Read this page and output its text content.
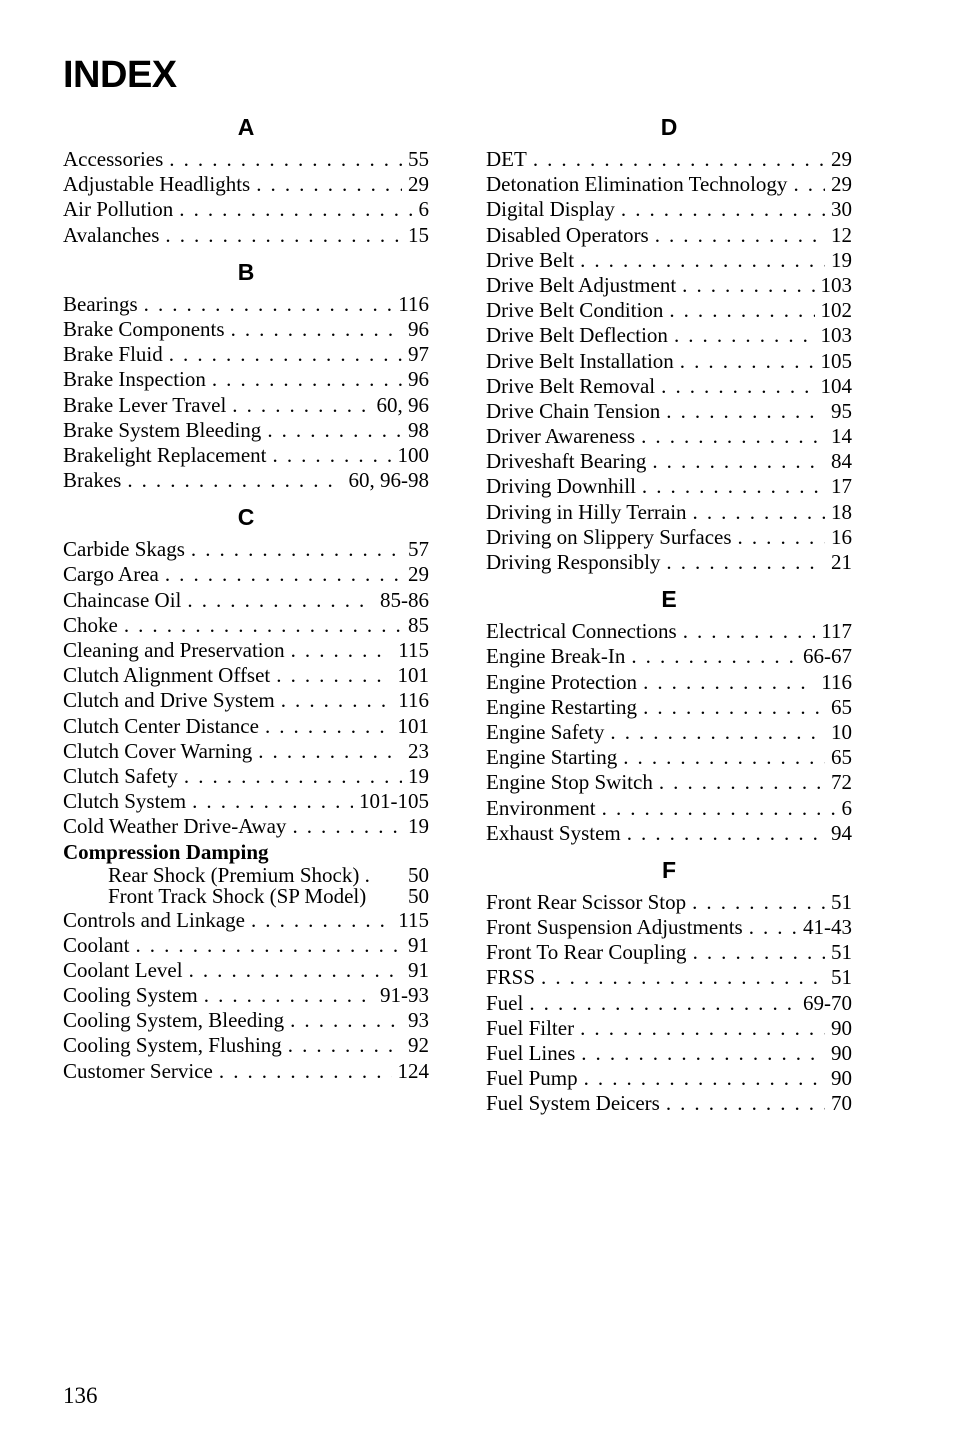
INDEX
A
Accessories . . .	55
Adjustable Headlights . . .	29
Air Pollution . . .	6
Avalanches . . .	15
B
Bearings . . .	116
Brake Components . . .	96
Brake Fluid . . .	97
Brake Inspection . . .	96
Brake Lever Travel . . .	60, 96
Brake System Bleeding . . .	98
Brakelight Replacement . . .	100
Brakes . . .	60, 96-98
C
Carbide Skags . . .	57
Cargo Area . . .	29
Chaincase Oil . . .	85-86
Choke . . .	85
Cleaning and Preservation . . .	115
Clutch Alignment Offset . . .	101
Clutch and Drive System . . .	116
Clutch Center Distance . . .	101
Clutch Cover Warning . . .	23
Clutch Safety . . .	19
Clutch System . . .	101-105
Cold Weather Drive-Away . . .	19
Compression Damping
Rear Shock (Premium Shock) .	50
Front Track Shock (SP Model)	50
Controls and Linkage . . .	115
Coolant . . .	91
Coolant Level . . .	91
Cooling System . . .	91-93
Cooling System, Bleeding . . .	93
Cooling System, Flushing . . .	92
Customer Service . . .	124
D
DET . . .	29
Detonation Elimination Technology . . . 29
Digital Display . . .	30
Disabled Operators . . .	12
Drive Belt . . .	19
Drive Belt Adjustment . . .	103
Drive Belt Condition . . .	102
Drive Belt Deflection . . .	103
Drive Belt Installation . . .	105
Drive Belt Removal . . .	104
Drive Chain Tension . . .	95
Driver Awareness . . .	14
Driveshaft Bearing . . .	84
Driving Downhill . . .	17
Driving in Hilly Terrain . . .	18
Driving on Slippery Surfaces . . .	16
Driving Responsibly . . .	21
E
Electrical Connections . . .	117
Engine Break-In . . .	66-67
Engine Protection . . .	116
Engine Restarting . . .	65
Engine Safety . . .	10
Engine Starting . . .	65
Engine Stop Switch . . .	72
Environment . . .	6
Exhaust System . . .	94
F
Front Rear Scissor Stop . . .	51
Front Suspension Adjustments . . .	41-43
Front To Rear Coupling . . .	51
FRSS . . .	51
Fuel . . .	69-70
Fuel Filter . . .	90
Fuel Lines . . .	90
Fuel Pump . . .	90
Fuel System Deicers . . .	70
136
